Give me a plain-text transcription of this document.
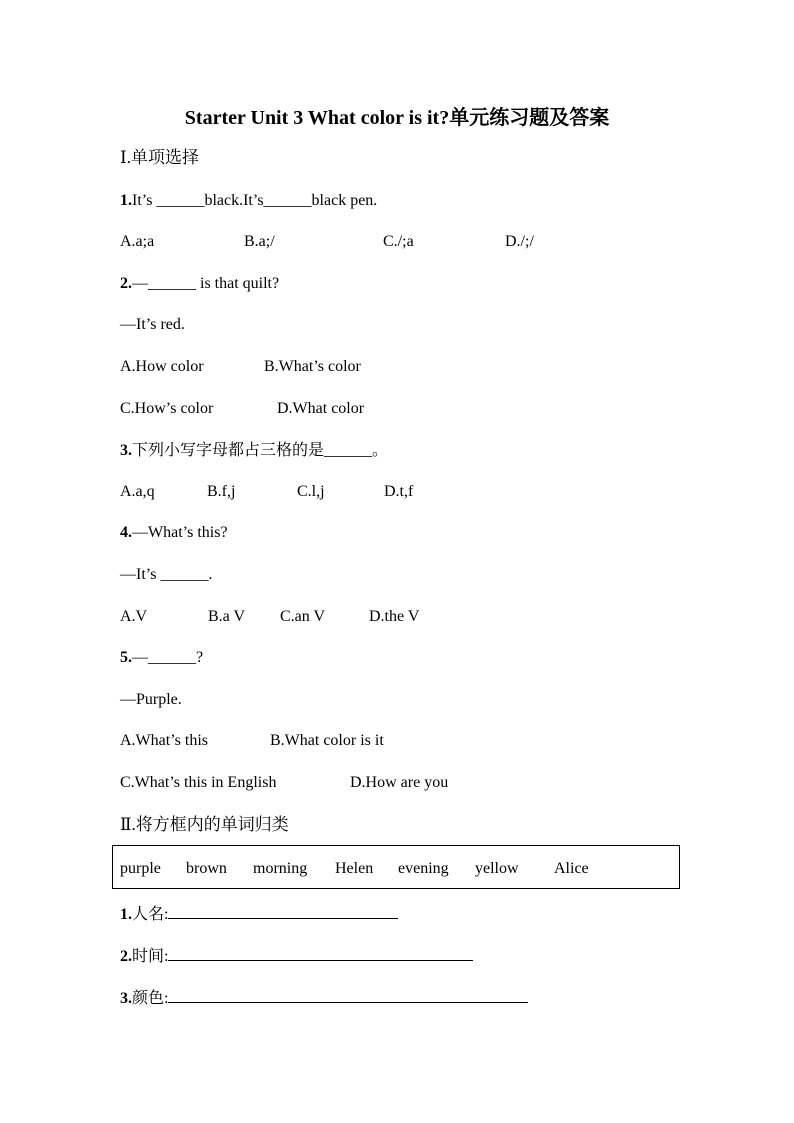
Starter Unit 3 What color is it?单元练习题及答案
Ⅰ.单项选择
1.It’s ______black.It’s______black pen.
A.a;a	B.a;/	C./;a	D./;/
2.—______ is that quilt?
—It’s red.
A.How color	B.What’s color
C.How’s color	D.What color
3.下列小写字母都占三格的是______。
A.a,q	B.f,j	C.l,j	D.t,f
4.—What’s this?
—It’s ______.
A.V	B.a V C.an V	D.the V
5.—______?
—Purple.
A.What’s this	B.What color is it
C.What’s this in English	D.How are you
Ⅱ.将方框内的单词归类
purple brown morning Helen evening yellow Alice
1.人名:
2.时间:
3.颜色:
